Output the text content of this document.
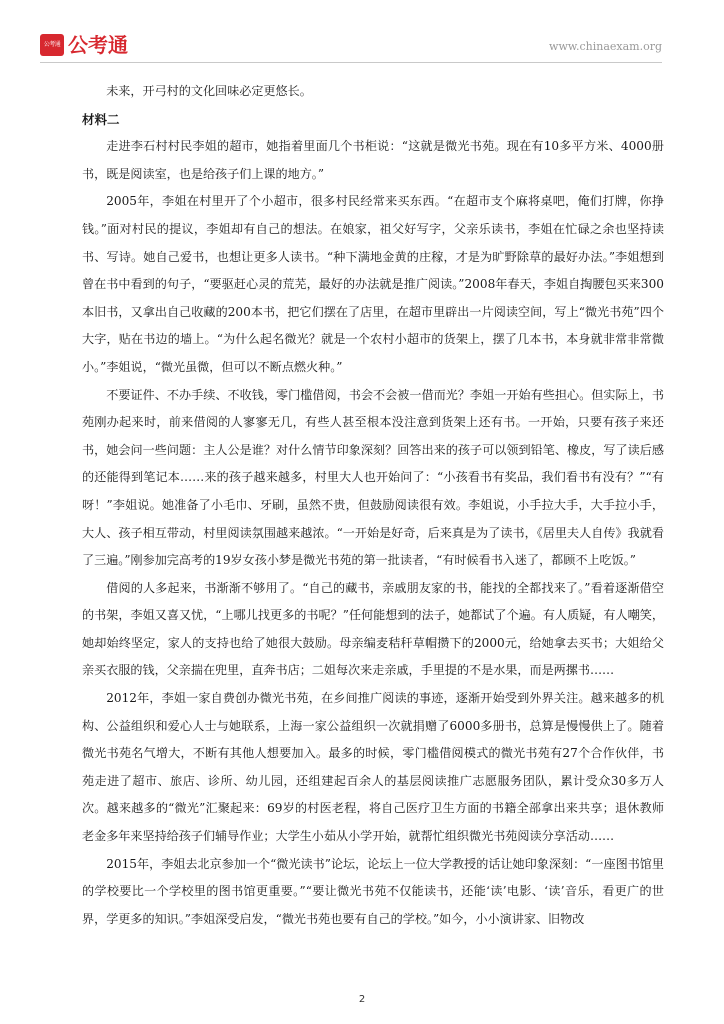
公考通 公考通	www.chinaexam.org

未来，开弓村的文化回味必定更悠长。

材料二

走进李石村村民李姐的超市，她指着里面几个书柜说：“这就是微光书苑。现在有10多平方米、4000册书，既是阅读室，也是给孩子们上课的地方。”

2005年，李姐在村里开了个小超市，很多村民经常来买东西。“在超市支个麻将桌吧，俺们打牌，你挣钱。”面对村民的提议，李姐却有自己的想法。在娘家，祖父好写字，父亲乐读书，李姐在忙碌之余也坚持读书、写诗。她自己爱书，也想让更多人读书。“种下满地金黄的庄稼，才是为旷野除草的最好办法。”李姐想到曾在书中看到的句子，“要驱赶心灵的荒芜，最好的办法就是推广阅读。”2008年春天，李姐自掏腰包买来300本旧书，又拿出自己收藏的200本书，把它们摆在了店里，在超市里辟出一片阅读空间，写上“微光书苑”四个大字，贴在书边的墙上。“为什么起名微光？就是一个农村小超市的货架上，摆了几本书，本身就非常非常微小。”李姐说，“微光虽微，但可以不断点燃火种。”

不要证件、不办手续、不收钱，零门槛借阅，书会不会被一借而光？李姐一开始有些担心。但实际上，书苑刚办起来时，前来借阅的人寥寥无几，有些人甚至根本没注意到货架上还有书。一开始，只要有孩子来还书，她会问一些问题：主人公是谁？对什么情节印象深刻？回答出来的孩子可以领到铅笔、橡皮，写了读后感的还能得到笔记本……来的孩子越来越多，村里大人也开始问了：“小孩看书有奖品，我们看书有没有？”“有呀！”李姐说。她准备了小毛巾、牙刷，虽然不贵，但鼓励阅读很有效。李姐说，小手拉大手，大手拉小手，大人、孩子相互带动，村里阅读氛围越来越浓。“一开始是好奇，后来真是为了读书，《居里夫人自传》我就看了三遍。”刚参加完高考的19岁女孩小梦是微光书苑的第一批读者，“有时候看书入迷了，都顾不上吃饭。”

借阅的人多起来，书渐渐不够用了。“自己的藏书，亲戚朋友家的书，能找的全都找来了。”看着逐渐借空的书架，李姐又喜又忧，“上哪儿找更多的书呢？”任何能想到的法子，她都试了个遍。有人质疑，有人嘲笑，她却始终坚定，家人的支持也给了她很大鼓励。母亲编麦秸秆草帽攒下的2000元，给她拿去买书；大姐给父亲买衣服的钱，父亲揣在兜里，直奔书店；二姐每次来走亲戚，手里提的不是水果，而是两摞书……

2012年，李姐一家自费创办微光书苑，在乡间推广阅读的事迹，逐渐开始受到外界关注。越来越多的机构、公益组织和爱心人士与她联系，上海一家公益组织一次就捐赠了6000多册书，总算是慢慢供上了。随着微光书苑名气增大，不断有其他人想要加入。最多的时候，零门槛借阅模式的微光书苑有27个合作伙伴，书苑走进了超市、旅店、诊所、幼儿园，还组建起百余人的基层阅读推广志愿服务团队，累计受众30多万人次。越来越多的“微光”汇聚起来：69岁的村医老程，将自己医疗卫生方面的书籍全部拿出来共享；退休教师老金多年来坚持给孩子们辅导作业；大学生小茹从小学开始，就帮忙组织微光书苑阅读分享活动……

2015年，李姐去北京参加一个“微光读书”论坛，论坛上一位大学教授的话让她印象深刻：“一座图书馆里的学校要比一个学校里的图书馆更重要。”“要让微光书苑不仅能读书，还能‘读’电影、‘读’音乐，看更广的世界，学更多的知识。”李姐深受启发，“微光书苑也要有自己的学校。”如今，小小演讲家、旧物改

2
